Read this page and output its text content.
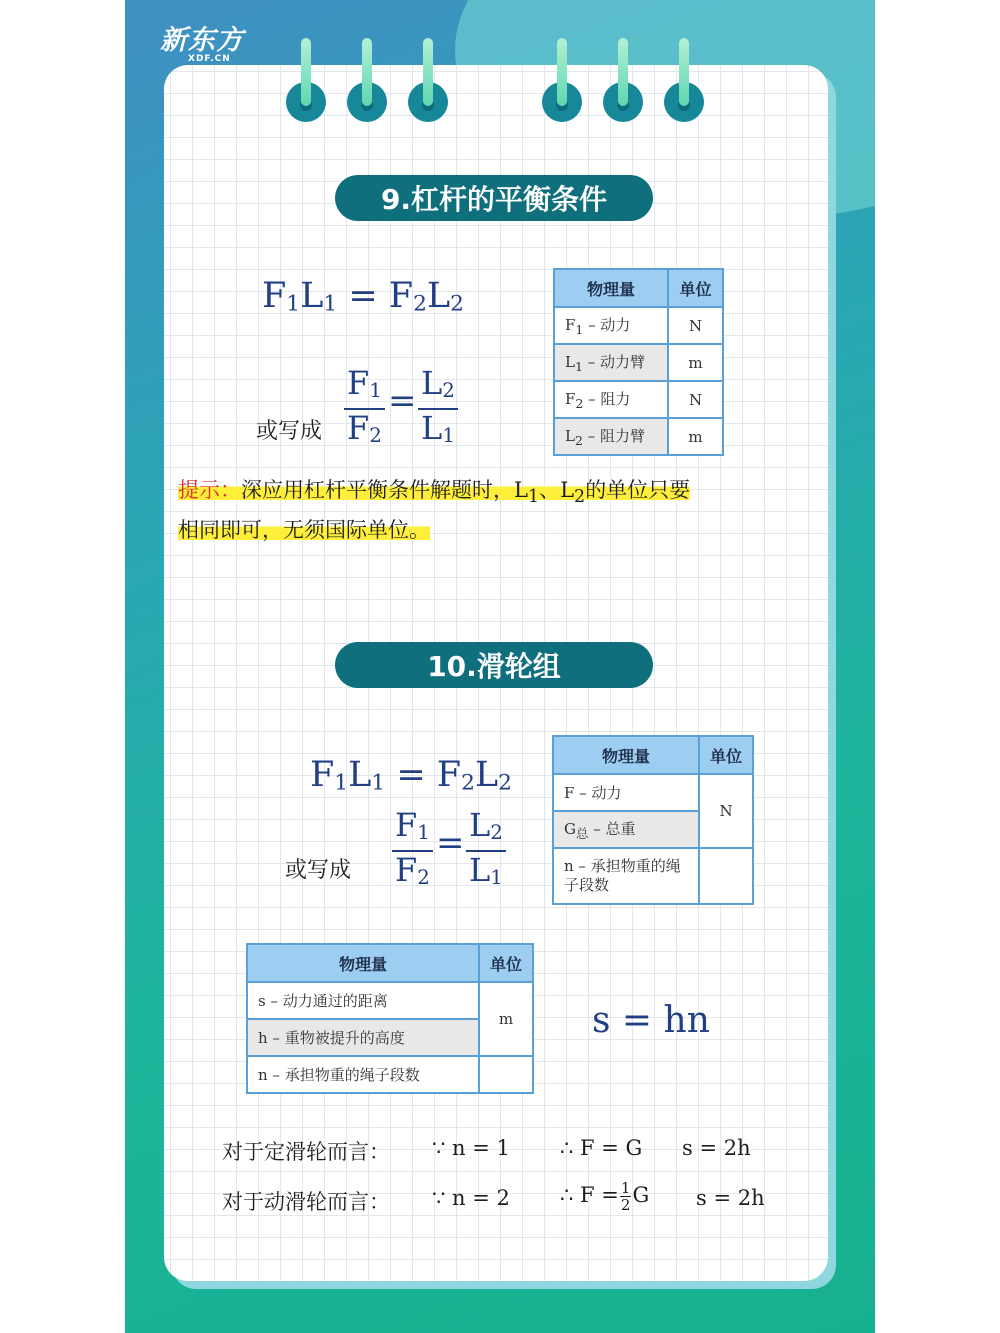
新东方
XDF.CN
9.杠杆的平衡条件
$F_1L_1 = F_2L_2$
或写成 $\frac{F_1}{F_2} = \frac{L_2}{L_1}$
物理量	单位
$F_1$ – 动力	N
$L_1$ – 动力臂	m
$F_2$ – 阻力	N
$L_2$ – 阻力臂	m
提示：深应用杠杆平衡条件解题时，$L_1$、$L_2$的单位只要
相同即可，无须国际单位。
10.滑轮组
$F_1L_1 = F_2L_2$
或写成 $\frac{F_1}{F_2} = \frac{L_2}{L_1}$
物理量	单位
F – 动力	N
$G_总$ – 总重	
n – 承担物重的绳子段数	
物理量	单位
s – 动力通过的距离	m
h – 重物被提升的高度	
n – 承担物重的绳子段数	
s = hn
对于定滑轮而言： ∵ n = 1 ∴ F = G s = 2h
对于动滑轮而言： ∵ n = 2 ∴ $F = \frac{1}{2}$ G s = 2h
